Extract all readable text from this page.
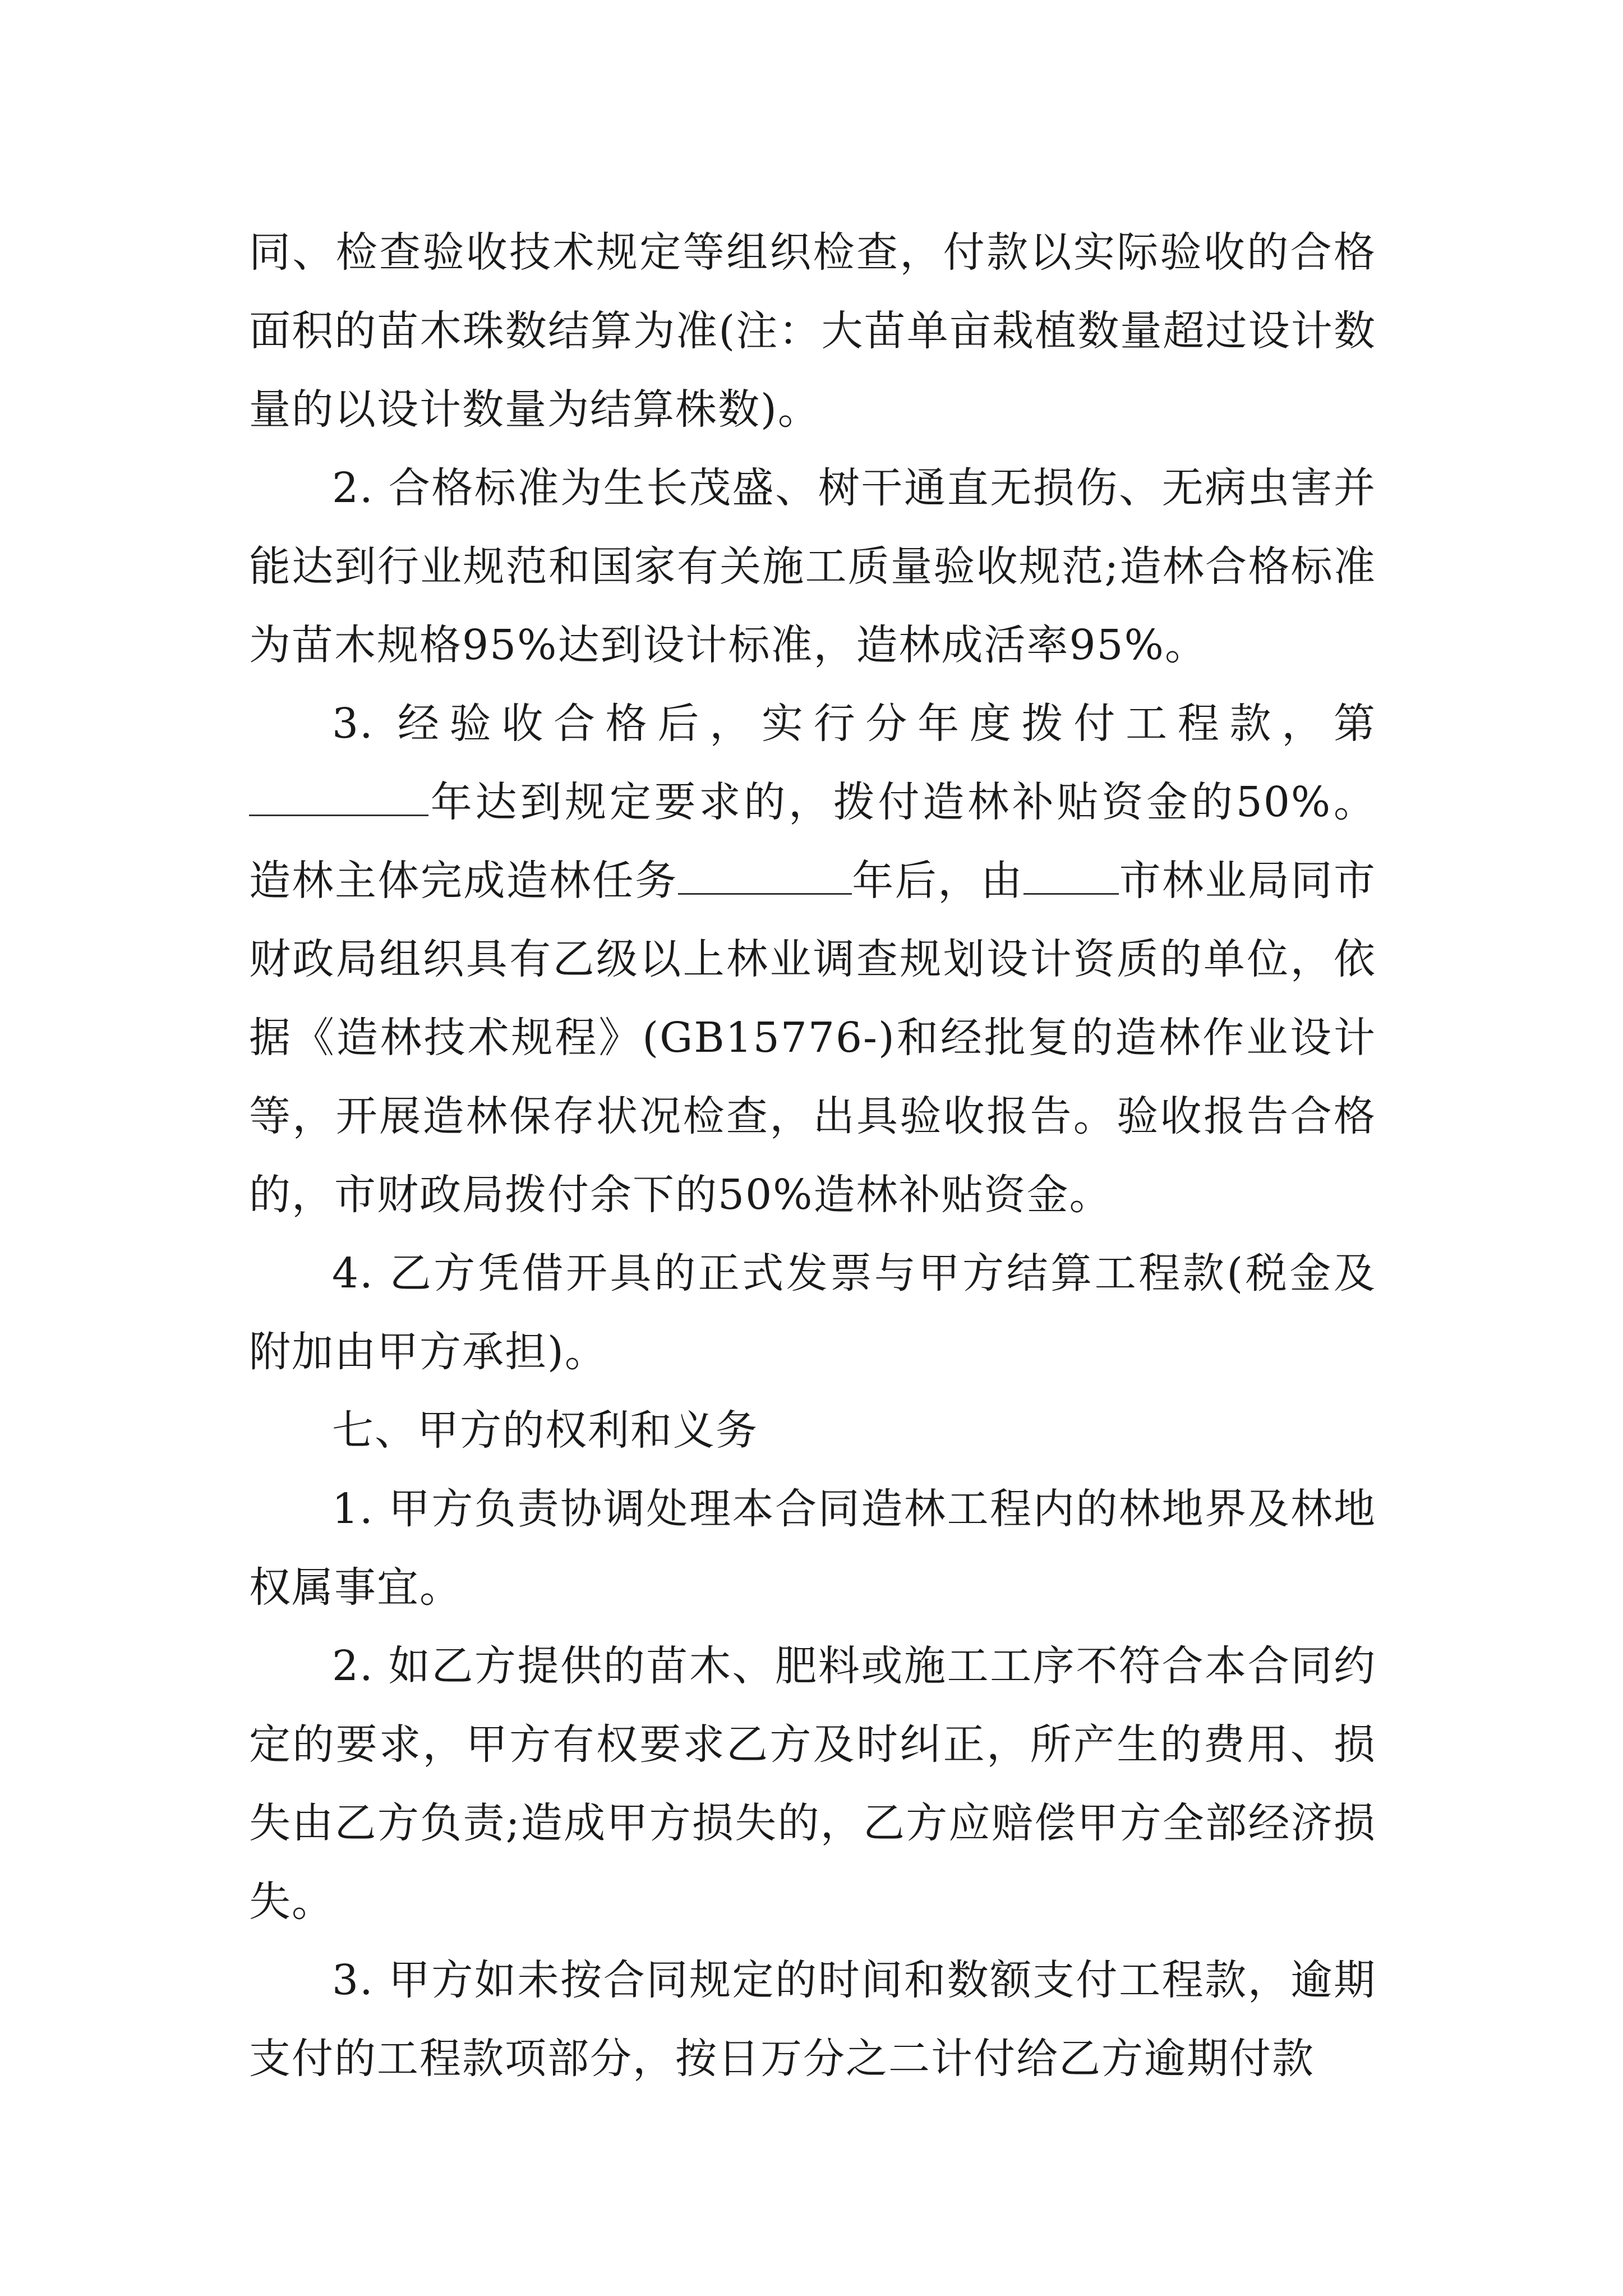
同、检查验收技术规定等组织检查，付款以实际验收的合格面积的苗木珠数结算为准(注：大苗单亩栽植数量超过设计数量的以设计数量为结算株数)。

2. 合格标准为生长茂盛、树干通直无损伤、无病虫害并能达到行业规范和国家有关施工质量验收规范;造林合格标准为苗木规格95%达到设计标准，造林成活率95%。

3. 经验收合格后，实行分年度拨付工程款，第年达到规定要求的，拨付造林补贴资金的50%。造林主体完成造林任务	年后，由 市林业局同市财政局组织具有乙级以上林业调查规划设计资质的单位，依据《造林技术规程》(GB15776-)和经批复的造林作业设计等，开展造林保存状况检查，出具验收报告。验收报告合格的，市财政局拨付余下的50%造林补贴资金。

4. 乙方凭借开具的正式发票与甲方结算工程款(税金及附加由甲方承担)。

七、甲方的权利和义务

1. 甲方负责协调处理本合同造林工程内的林地界及林地权属事宜。

2. 如乙方提供的苗木、肥料或施工工序不符合本合同约定的要求，甲方有权要求乙方及时纠正，所产生的费用、损失由乙方负责;造成甲方损失的，乙方应赔偿甲方全部经济损失。

3. 甲方如未按合同规定的时间和数额支付工程款，逾期支付的工程款项部分，按日万分之二计付给乙方逾期付款
